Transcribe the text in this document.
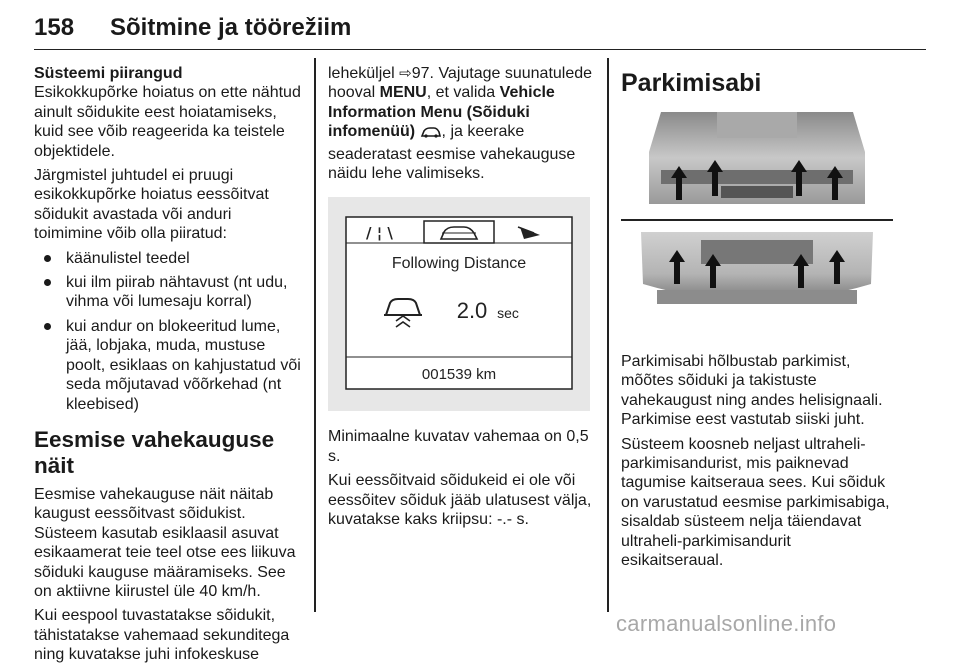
158 Sõitmine ja töörežiim

Süsteemi piirangud

Esikokkupõrke hoiatus on ette nähtud ainult sõidukite eest hoiatamiseks, kuid see võib reageerida ka teistele objektidele.

Järgmistel juhtudel ei pruugi esikokkupõrke hoiatus eessõitvat sõidukit avastada või anduri toimimine võib olla piiratud:

käänulistel teedel
kui ilm piirab nähtavust (nt udu, vihma või lumesaju korral)
kui andur on blokeeritud lume, jää, lobjaka, muda, mustuse poolt, esiklaas on kahjustatud või seda mõjutavad võõrkehad (nt kleebised)
Eesmise vahekauguse näit

Eesmise vahekauguse näit näitab kaugust eessõitvast sõidukist. Süsteem kasutab esiklaasil asuvat esikaamerat teie teel otse ees liikuva sõiduki kauguse määramiseks. See on aktiivne kiirustel üle 40 km/h.

Kui eespool tuvastatakse sõidukit, tähistatakse vahemaad sekunditega ning kuvatakse juhi infokeskuse

leheküljel ⇨97. Vajutage suunatulede hooval MENU, et valida Vehicle Information Menu (Sõiduki infomenüü) , ja keerake seaderatast eesmise vahekauguse näidu lehe valimiseks.

/ ¦ \
Following Distance
2.0 sec
001539 km

Minimaalne kuvatav vahemaa on 0,5 s.

Kui eessõitvaid sõidukeid ei ole või eessõitev sõiduk jääb ulatusest välja, kuvatakse kaks kriipsu: -.- s.

Parkimisabi

Parkimisabi hõlbustab parkimist, mõõtes sõiduki ja takistuste vahekaugust ning andes helisignaali. Parkimise eest vastutab siiski juht.

Süsteem koosneb neljast ultraheli-parkimisandurist, mis paiknevad tagumise kaitseraua sees. Kui sõiduk on varustatud eesmise parkimisabiga, sisaldab süsteem nelja täiendavat ultraheli-parkimisandurit esikaitseraual.

carmanualsonline.info
